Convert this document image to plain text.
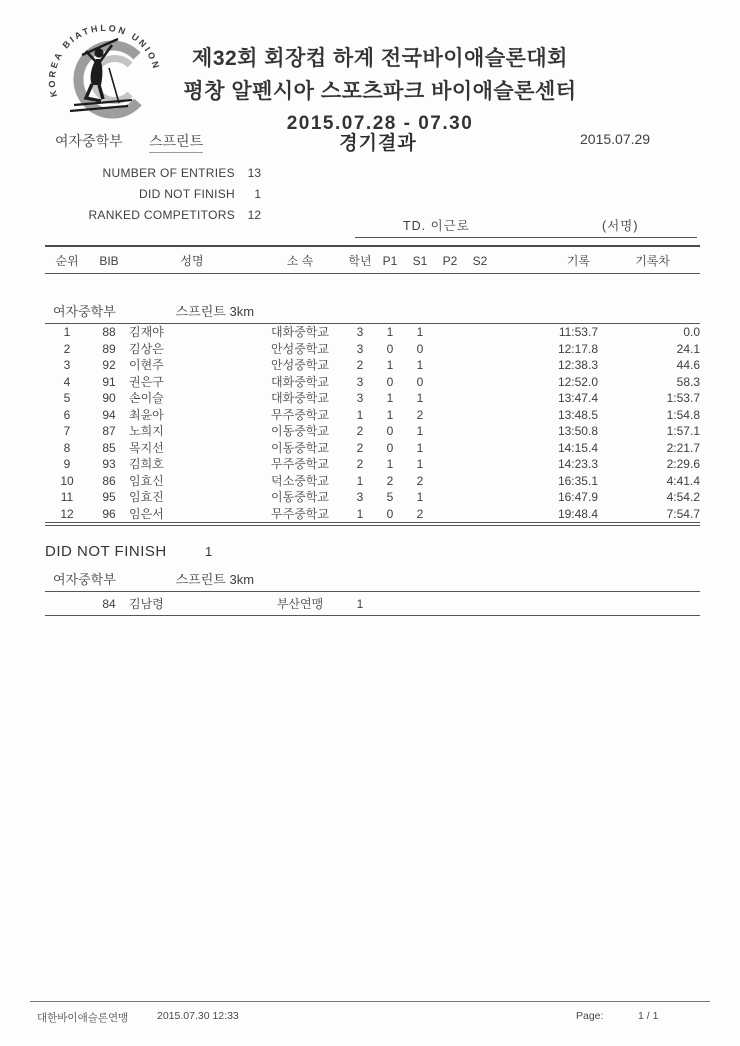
KOREA BIATHLON UNION	제32회 회장컵 하계 전국바이애슬론대회
평창 알펜시아 스포츠파크 바이애슬론센터
2015.07.28 - 07.30
여자중학부 스프린트	경기결과	2015.07.29
NUMBER OF ENTRIES	13
DID NOT FINISH	1
RANKED COMPETITORS	12
TD. 이근로	(서명)
순위	BIB	성명	소 속	학년	P1	S1	P2	S2	기록	기록차
여자중학부 스프린트 3km										
1	88	김재야	대화중학교	3	1	1			11:53.7	0.0
2	89	김상은	안성중학교	3	0	0			12:17.8	24.1
3	92	이현주	안성중학교	2	1	1			12:38.3	44.6
4	91	권은구	대화중학교	3	0	0			12:52.0	58.3
5	90	손이슬	대화중학교	3	1	1			13:47.4	1:53.7
6	94	최윤아	무주중학교	1	1	2			13:48.5	1:54.8
7	87	노희지	이동중학교	2	0	1			13:50.8	1:57.1
8	85	목지선	이동중학교	2	0	1			14:15.4	2:21.7
9	93	김희호	무주중학교	2	1	1			14:23.3	2:29.6
10	86	임효신	덕소중학교	1	2	2			16:35.1	4:41.4
11	95	임효진	이동중학교	3	5	1			16:47.9	4:54.2
12	96	임은서	무주중학교	1	0	2			19:48.4	7:54.7
DID NOT FINISH	1
여자중학부	스프린트 3km
	84	김남령	부산연맹	1						
대한바이애슬론연맹	2015.07.30 12:33	Page:	1 / 1
